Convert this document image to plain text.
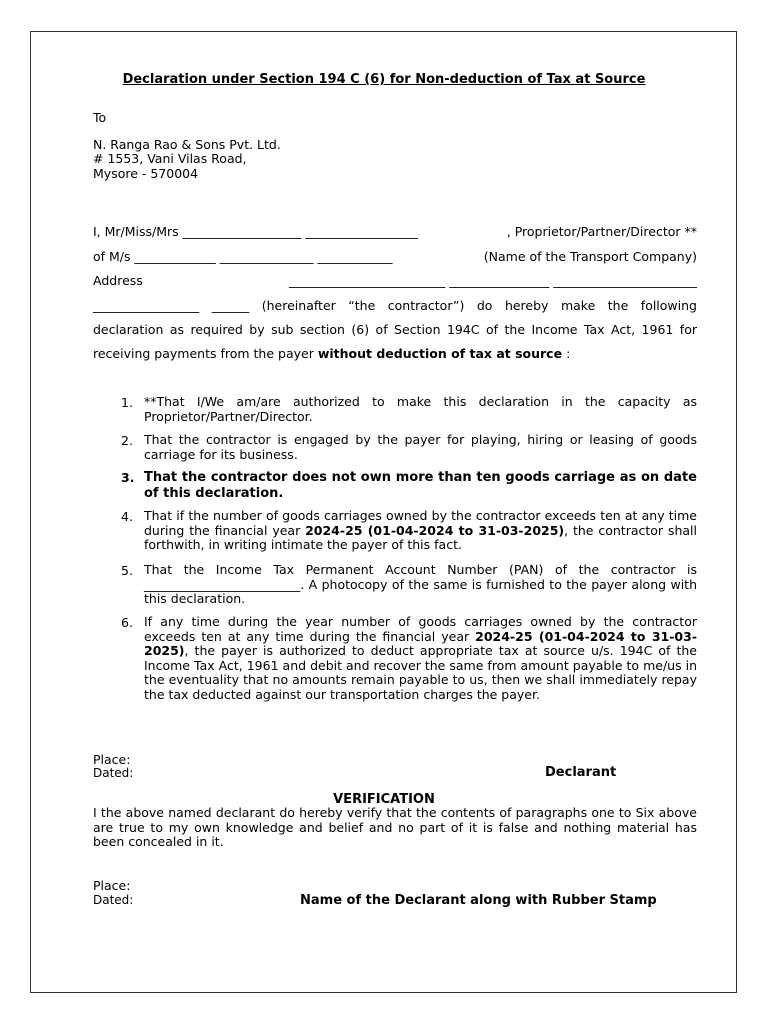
Declaration under Section 194 C (6) for Non-deduction of Tax at Source
To
N. Ranga Rao & Sons Pvt. Ltd.
# 1553, Vani Vilas Road,
Mysore - 570004
I, Mr/Miss/Mrs ___________________ __________________	, Proprietor/Partner/Director **
of M/s _____________ _______________ ____________	(Name of the Transport Company)
Address	_________________________ ________________ _______________________
_________________ ______ (hereinafter “the contractor”) do hereby make the following
declaration as required by sub section (6) of Section 194C of the Income Tax Act, 1961 for
receiving payments from the payer without deduction of tax at source :
1. **That I/We am/are authorized to make this declaration in the capacity as Proprietor/Partner/Director.
2. That the contractor is engaged by the payer for playing, hiring or leasing of goods carriage for its business.
3. That the contractor does not own more than ten goods carriage as on date of this declaration.
4. That if the number of goods carriages owned by the contractor exceeds ten at any time during the financial year 2024-25 (01-04-2024 to 31-03-2025), the contractor shall forthwith, in writing intimate the payer of this fact.
5. That the Income Tax Permanent Account Number (PAN) of the contractor is _________________________. A photocopy of the same is furnished to the payer along with this declaration.
6. If any time during the year number of goods carriages owned by the contractor exceeds ten at any time during the financial year 2024-25 (01-04-2024 to 31-03-2025), the payer is authorized to deduct appropriate tax at source u/s. 194C of the Income Tax Act, 1961 and debit and recover the same from amount payable to me/us in the eventuality that no amounts remain payable to us, then we shall immediately repay the tax deducted against our transportation charges the payer.
Place:
Dated:	Declarant
VERIFICATION
I the above named declarant do hereby verify that the contents of paragraphs one to Six above are true to my own knowledge and belief and no part of it is false and nothing material has been concealed in it.
Place:
Dated:	Name of the Declarant along with Rubber Stamp
